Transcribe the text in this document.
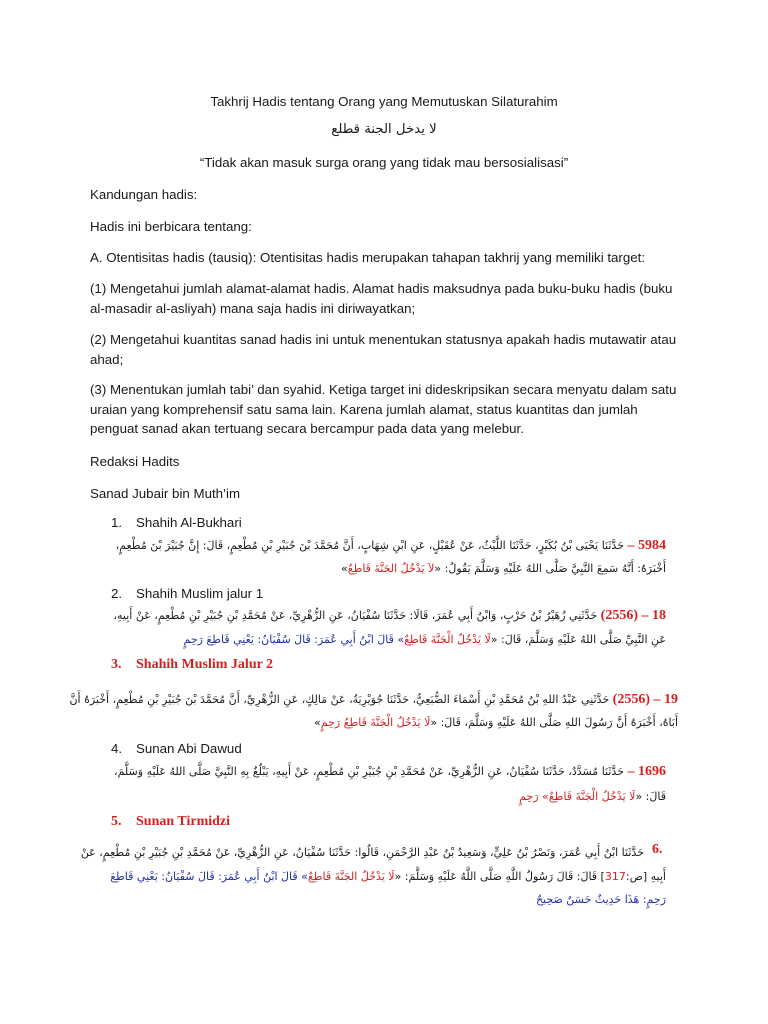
Takhrij Hadis tentang Orang yang Memutuskan Silaturahim
لا يدخل الجنة قطلع
“Tidak akan masuk surga orang yang tidak mau bersosialisasi”
Kandungan hadis:
Hadis ini berbicara tentang:
A. Otentisitas hadis (tausiq): Otentisitas hadis merupakan tahapan takhrij yang memiliki target:
(1) Mengetahui jumlah alamat-alamat hadis. Alamat hadis maksudnya pada buku-buku hadis (buku al-masadir al-asliyah) mana saja hadis ini diriwayatkan;
(2) Mengetahui kuantitas sanad hadis ini untuk menentukan statusnya apakah hadis mutawatir atau ahad;
(3) Menentukan jumlah tabi’ dan syahid. Ketiga target ini dideskripsikan secara menyatu dalam satu uraian yang komprehensif satu sama lain. Karena jumlah alamat, status kuantitas dan jumlah penguat sanad akan tertuang secara bercampur pada data yang melebur.
Redaksi Hadits
Sanad Jubair bin Muth’im
1. Shahih Al-Bukhari
5984 – حَدَّثَنَا يَحْيَى بْنُ بُكَيْرٍ، حَدَّثَنَا اللَّيْثُ، عَنْ عُقَيْلٍ، عَنِ ابْنِ شِهَابٍ، أَنَّ مُحَمَّدَ بْنَ جُبَيْرِ بْنِ مُطْعِمٍ، قَالَ: إِنَّ جُبَيْرَ بْنَ مُطْعِمٍ،
أَخْبَرَهُ: أَنَّهُ سَمِعَ النَّبِيَّ صَلَّى اللهُ عَلَيْهِ وَسَلَّمَ يَقُولُ: «لاَ يَدْخُلُ الجَنَّةَ قَاطِعٌ»
2. Shahih Muslim jalur 1
18 – (2556) حَدَّثَنِي زُهَيْرُ بْنُ حَرْبٍ، وَابْنُ أَبِي عُمَرَ، قَالَا: حَدَّثَنَا سُفْيَانُ، عَنِ الزُّهْرِيِّ، عَنْ مُحَمَّدِ بْنِ جُبَيْرِ بْنِ مُطْعِمٍ، عَنْ أَبِيهِ،
عَنِ النَّبِيِّ صَلَّى اللهُ عَلَيْهِ وَسَلَّمَ، قَالَ: «لَا يَدْخُلُ الْجَنَّةَ قَاطِعٌ» قَالَ ابْنُ أَبِي عُمَرَ: قَالَ سُفْيَانُ: يَعْنِي قَاطِعَ رَحِمٍ
3. Shahih Muslim Jalur 2
19 – (2556) حَدَّثَنِي عَبْدُ اللهِ بْنُ مُحَمَّدِ بْنِ أَسْمَاءَ الضُّبَعِيُّ، حَدَّثَنَا جُوَيْرِيَةُ، عَنْ مَالِكٍ، عَنِ الزُّهْرِيِّ، أَنَّ مُحَمَّدَ بْنَ جُبَيْرِ بْنِ مُطْعِمٍ، أَخْبَرَهُ أَنَّ
أَبَاهُ، أَخْبَرَهُ أَنَّ رَسُولَ اللهِ صَلَّى اللهُ عَلَيْهِ وَسَلَّمَ، قَالَ: «لَا يَدْخُلُ الْجَنَّةَ قَاطِعُ رَحِمٍ»
4. Sunan Abi Dawud
1696 – حَدَّثَنَا مُسَدَّدٌ، حَدَّثَنَا سُفْيَانُ، عَنِ الزُّهْرِيِّ، عَنْ مُحَمَّدِ بْنِ جُبَيْرِ بْنِ مُطْعِمٍ، عَنْ أَبِيهِ، يَبْلُغُ بِهِ النَّبِيَّ صَلَّى اللهُ عَلَيْهِ وَسَلَّمَ،
قَالَ: «لَا يَدْخُلُ الْجَنَّةَ قَاطِعٌ» رَحِمٍ
5. Sunan Tirmidzi
6.
حَدَّثَنَا ابْنُ أَبِي عُمَرَ، وَنَصْرُ بْنُ عَلِيٍّ، وَسَعِيدُ بْنُ عَبْدِ الرَّحْمَنِ، قَالُوا: حَدَّثَنَا سُفْيَانُ، عَنِ الزُّهْرِيِّ، عَنْ مُحَمَّدِ بْنِ جُبَيْرِ بْنِ مُطْعِمٍ، عَنْ
أَبِيهِ [ص:317] قَالَ: قَالَ رَسُولُ اللَّهِ صَلَّى اللَّهُ عَلَيْهِ وَسَلَّمَ: «لَا يَدْخُلُ الجَنَّةَ قَاطِعٌ» قَالَ ابْنُ أَبِي عُمَرَ: قَالَ سُفْيَانُ: يَعْنِي قَاطِعَ
رَحِمٍ: هَذَا حَدِيثٌ حَسَنٌ صَحِيحٌ
